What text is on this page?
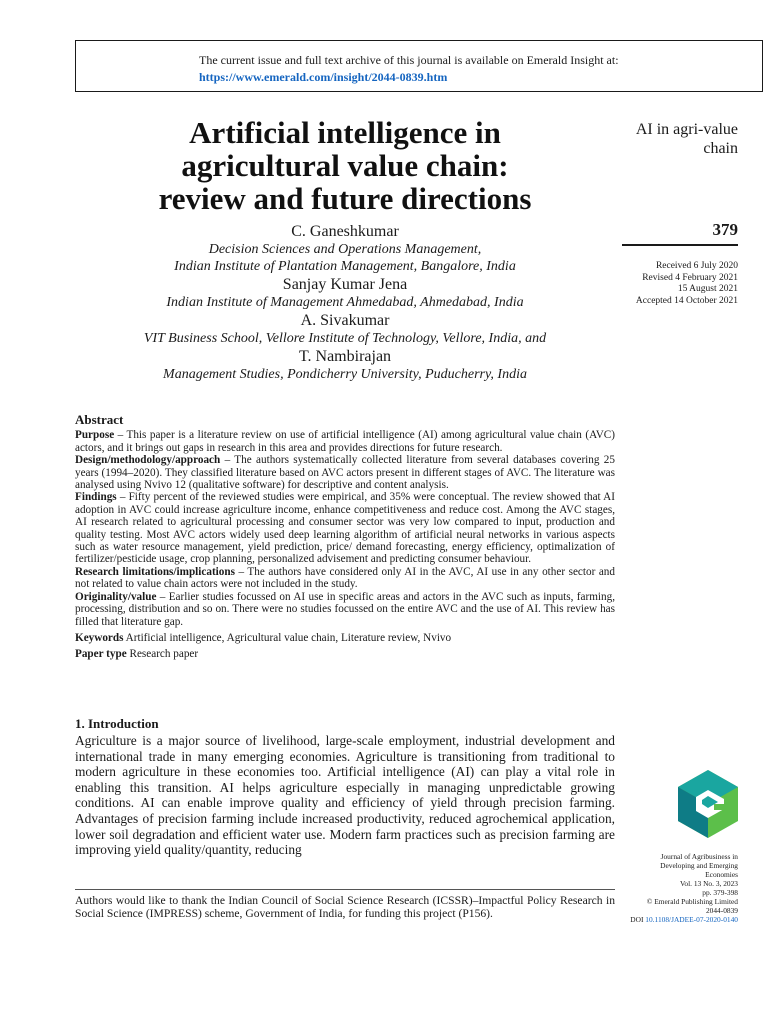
The current issue and full text archive of this journal is available on Emerald Insight at:
https://www.emerald.com/insight/2044-0839.htm
Artificial intelligence in
agricultural value chain:
review and future directions
AI in agri-value
chain
379
Received 6 July 2020
Revised 4 February 2021
15 August 2021
Accepted 14 October 2021
C. Ganeshkumar
Decision Sciences and Operations Management,
Indian Institute of Plantation Management, Bangalore, India
Sanjay Kumar Jena
Indian Institute of Management Ahmedabad, Ahmedabad, India
A. Sivakumar
VIT Business School, Vellore Institute of Technology, Vellore, India, and
T. Nambirajan
Management Studies, Pondicherry University, Puducherry, India
Abstract

Purpose – This paper is a literature review on use of artificial intelligence (AI) among agricultural value chain (AVC) actors, and it brings out gaps in research in this area and provides directions for future research.

Design/methodology/approach – The authors systematically collected literature from several databases covering 25 years (1994–2020). They classified literature based on AVC actors present in different stages of AVC. The literature was analysed using Nvivo 12 (qualitative software) for descriptive and content analysis.

Findings – Fifty percent of the reviewed studies were empirical, and 35% were conceptual. The review showed that AI adoption in AVC could increase agriculture income, enhance competitiveness and reduce cost. Among the AVC stages, AI research related to agricultural processing and consumer sector was very low compared to input, production and quality testing. Most AVC actors widely used deep learning algorithm of artificial neural networks in various aspects such as water resource management, yield prediction, price/ demand forecasting, energy efficiency, optimalization of fertilizer/pesticide usage, crop planning, personalized advisement and predicting consumer behaviour.

Research limitations/implications – The authors have considered only AI in the AVC, AI use in any other sector and not related to value chain actors were not included in the study.

Originality/value – Earlier studies focussed on AI use in specific areas and actors in the AVC such as inputs, farming, processing, distribution and so on. There were no studies focussed on the entire AVC and the use of AI. This review has filled that literature gap.

Keywords Artificial intelligence, Agricultural value chain, Literature review, Nvivo

Paper type Research paper

1. Introduction

Agriculture is a major source of livelihood, large-scale employment, industrial development and international trade in many emerging economies. Agriculture is transitioning from traditional to modern agriculture in these economies too. Artificial intelligence (AI) can play a vital role in enabling this transition. AI helps agriculture especially in managing unpredictable growing conditions. AI can enable improve quality and efficiency of yield through precision farming. Advantages of precision farming include increased productivity, reduced agrochemical application, lower soil degradation and efficient water use. Modern farm practices such as precision farming are improving yield quality/quantity, reducing

Authors would like to thank the Indian Council of Social Science Research (ICSSR)–Impactful Policy Research in Social Science (IMPRESS) scheme, Government of India, for funding this project (P156).

Journal of Agribusiness in
Developing and Emerging
Economies
Vol. 13 No. 3, 2023
pp. 379-398
© Emerald Publishing Limited
2044-0839
DOI 10.1108/JADEE-07-2020-0140
